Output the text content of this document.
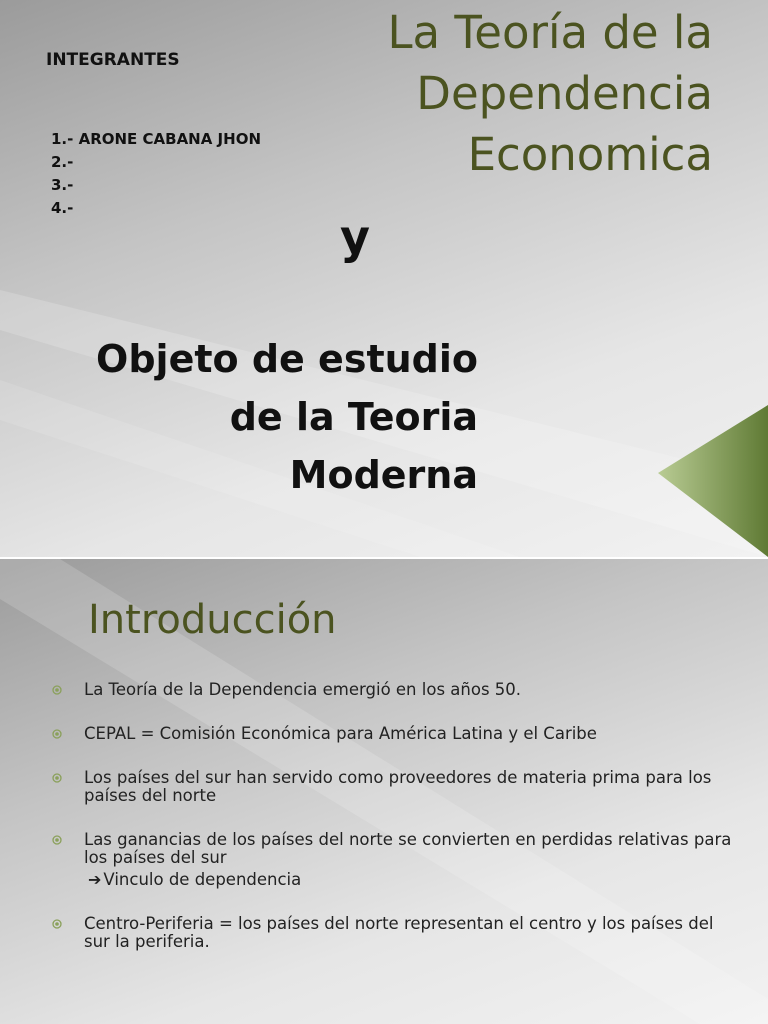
La Teoría de la
Dependencia
Economica

INTEGRANTES

1.- ARONE CABANA JHON
2.-
3.-
4.-

y

Objeto de estudio
de la Teoria
Moderna
Introducción
La Teoría de la Dependencia emergió en los años 50.
CEPAL = Comisión Económica para América Latina y el Caribe
Los países del sur han servido como proveedores de materia prima para los países del norte
Las ganancias de los países del norte se convierten en perdidas relativas para los países del sur
➔ Vinculo de dependencia
Centro-Periferia = los países del norte representan el centro y los países del sur la periferia.
